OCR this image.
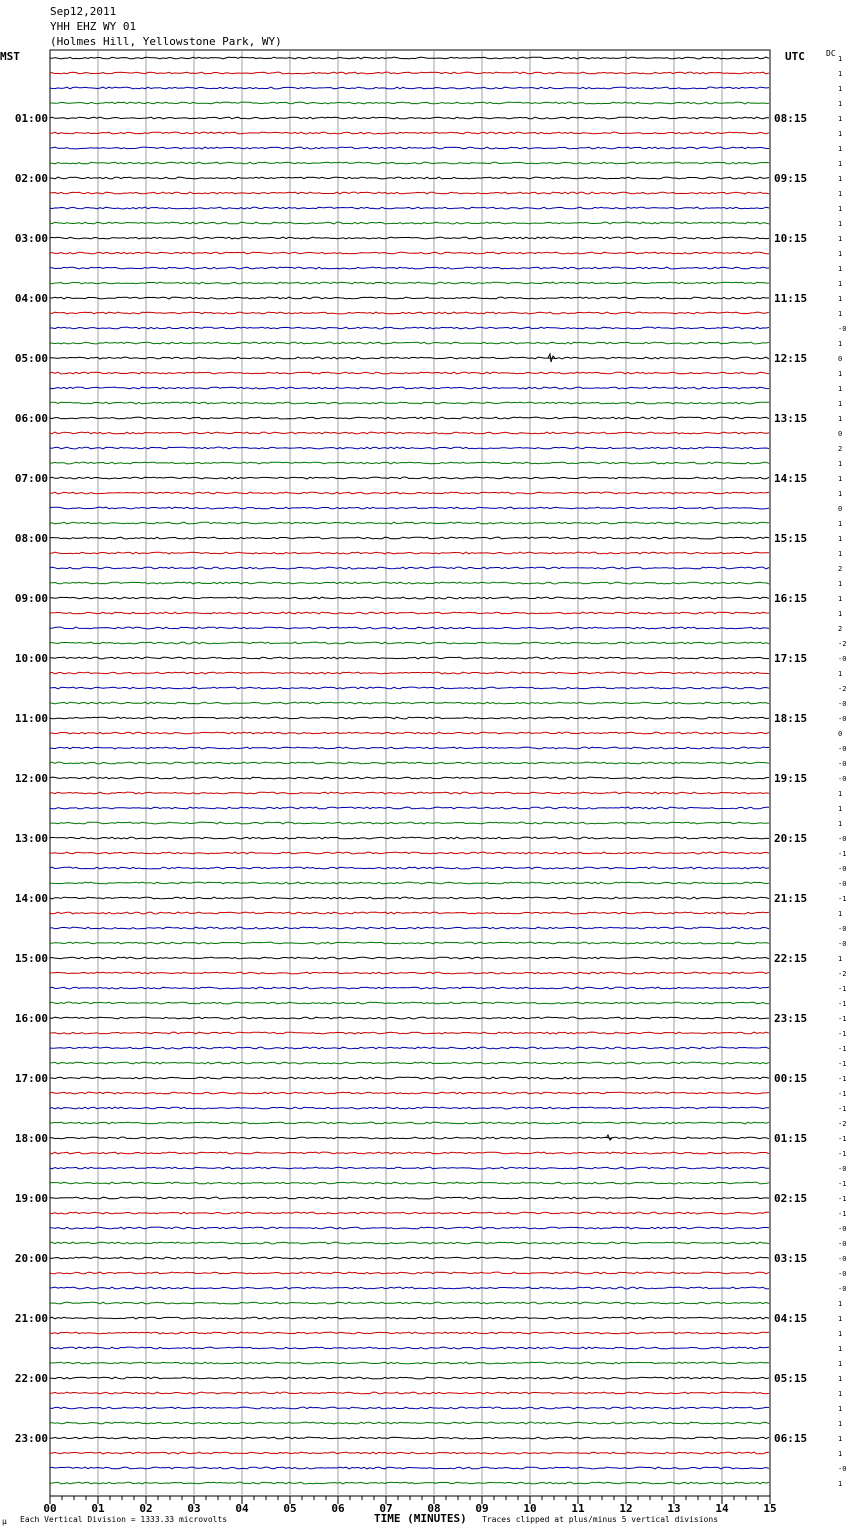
Sep12,2011
YHH EHZ WY 01
(Holmes Hill, Yellowstone Park, WY)
MST	UTC	DC
1
1
1
1
1
1
1
1
1
1
1
1
1
1
1
1
1
1
-0
1
0
1
1
1
1
0
2
1
1
1
0
1
1
1
2
1
1
1
2
-2
-0
1
-2
-0
-0
0
-0
-0
-0
1
1
1
-0
-1
-0
-0
-1
1
-0
-0
1
-2
-1
-1
-1
-1
-1
-1
-1
-1
-1
-2
-1
-1
-0
-1
-1
-1
-0
-0
-0
-0
-0
1
1
1
1
1
1
1
1
1
1
1
-0
1
01:00	08:15
02:00	09:15
03:00	10:15
04:00	11:15
05:00	12:15
06:00	13:15
07:00	14:15
08:00	15:15
09:00	16:15
10:00	17:15
11:00	18:15
12:00	19:15
13:00	20:15
14:00	21:15
15:00	22:15
16:00	23:15
17:00	00:15
18:00	01:15
19:00	02:15
20:00	03:15
21:00	04:15
22:00	05:15
23:00	06:15
00	01	02	03	04	05	06	07	08	09	10	11	12	13	14	15
µ Each Vertical Division = 1333.33 microvolts	TIME (MINUTES) Traces clipped at plus/minus 5 vertical divisions
